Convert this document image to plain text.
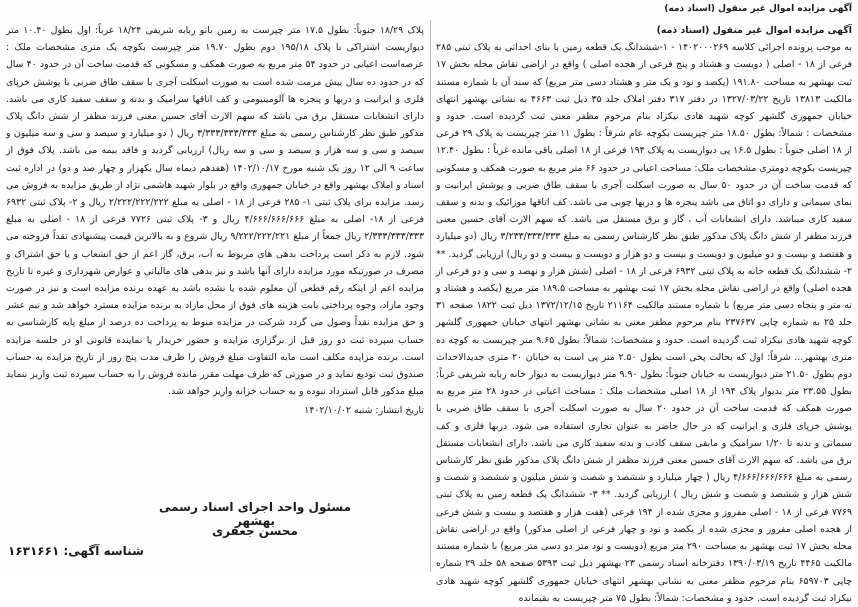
آگهی مزایده اموال غیر منقول (اسناد ذمه)
آگهی مزایده اموال غیر منقول (اسناد ذمه)
به موجب پرونده اجرائی کلاسه ۱۴۰۲۰۰۰۲۶۹ - ۱-ششدانگ یک قطعه زمین با بنای احداثی به پلاک ثبتی ۲۸۵ فرعی از ۱۸ - اصلی ( دویست و هشتاد و پنج فرعی از هجده اصلی ) واقع در اراضی نقاش محله بخش ۱۷ ثبت بهشهر به مساحت ۱۹۱.۸۰ (یکصد و نود و یک متر و هشتاد دسی متر مربع) که سند آن با شماره مستند مالکیت ۱۳۸۱۳ تاریخ ۱۳۲۷/۰۳/۲۲ در دفتر ۳۱۷ دفتر املاک جلد ۳۵ ذیل ثبت ۴۶۶۳ به نشانی بهشهر انتهای خیابان جمهوری گلشهر کوچه شهید هادی نیکزاد بنام مرحوم مظفر معنی ثبت گردیده است. حدود و مشخصات : شمالاً: بطول ۱۸.۵۰ متر چپریست بکوچه عام شرقاً : بطول ۱۱ متر چپریست به پلاک ۲۹ فرعی از ۱۸ اصلی جنوباً : بطول ۱۶.۵ پی دیواریست به پلاک ۱۹۴ فرعی از ۱۸ اصلی باقی مانده غرباً : بطول ۱۲.۴۰ چپریست بکوچه دومتری مشخصات ملک: مساحت اعیانی در حدود ۶۶ متر مربع به صورت همکف و مسکونی که قدمت ساخت آن در حدود ۵۰ سال به صورت اسکلت آجری با سقف طاق ضربی و پوشش ایرانیت و نمای سیمانی و دارای دو اتاق می باشد پنجره ها و دربها چوبی می باشد. کف اتاقها موزائیک و بدنه و سقف سفید کاری میباشد. دارای انشعابات آب ، گاز و برق مستقل می باشد. که سهم الارث آقای حسین معنی فرزند مظفر از شش دانگ پلاک مذکور طبق نظر کارشناس رسمی به مبلغ ۳/۲۳۳/۳۳۳/۳۳۳ ریال (دو میلیارد و هفتصد و بیست و دو میلیون و دویست و بیست و دو هزار و دویست و بیست و دو ریال) ارزیابی گردید. ** ۲- ششدانگ یک قطعه خانه به پلاک ثبتی ۶۹۳۲ فرعی از ۱۸ - اصلی (شش هزار و نهصد و سی و دو فرعی از هجده اصلی) واقع در اراضی نقاش محله بخش ۱۷ ثبت بهشهر به مساحت ۱۸۹.۵ متر مربع (یکصد و هشتاد و نه متر و پنجاه دسی متر مربع) با شماره مستند مالکیت ۲۱۱۶۴ تاریخ ۱۳۷۲/۱۲/۱۵ ذیل ثبت ۱۸۲۲ صفحه ۳۱ جلد ۲۵ به شماره چاپی ۲۳۷۶۳۷ بنام مرحوم مظفر معنی به نشانی بهشهر انتهای خیابان جمهوری گلشهر کوچه شهید هادی نیکزاد ثبت گردیده است. حدود و مشخصات: شمالاً: بطول ۹.۶۵ متر چپریست به کوچه ده متری بهشهر... شرقاً: اول که بحالت پخی است بطول ۲.۵۰ متر پی است به خیابان ۲۰ متری جدیدالاحداث دوم بطول ۲۱.۵۰ متر دیواریست به خیابان جنوباً: بطول ۹.۹۰ متر دیواریست به دیوار خانه ربابه شریفی غرباً: بطول ۲۳.۵۵ متر بدیوار پلاک ۱۹۴ از ۱۸ اصلی مشخصات ملک : مساحت اعیانی در حدود ۲۸ متر مربع به صورت همکف که قدمت ساخت آن در حدود ۲۰ سال به صورت اسکلت آجری با سقف طاق ضربی با پوشش خرپای فلزی و ایرانیت که در حال حاضر به عنوان تجاری استفاده می شود. دربها فلزی و کف سیمانی و بدنه تا ۱/۲۰ سرامیک و مابقی سقف کاذب و بدنه سفید کاری می باشد. دارای انشعابات مستقل برق می باشد. که سهم الارث آقای حسین معنی فرزند مظفر از شش دانگ پلاک مذکور طبق نظر کارشناس رسمی به مبلغ ۴/۶۶۶/۶۶۶/۶۶۶ ریال ( چهار میلیارد و ششصد و شصت و شش میلیون و ششصد و شصت و شش هزار و ششصد و شصت و شش ریال ) ارزیابی گردید. ** ۳- ششدانگ یک قطعه زمین به پلاک ثبتی ۷۷۶۹ فرعی از ۱۸ - اصلی مفروز و مجزی شده از ۱۹۴ فرعی (هفت هزار و هفتصد و بیست و شش فرعی از هجده اصلی مفروز و مجزی شده از یکصد و نود و چهار فرعی از اصلی مذکور) واقع در اراضی نقاش محله بخش ۱۷ ثبت بهشهر به مساحت ۲۹۰ متر مربع (دویست و نود متر دو دسی متر مربع) با شماره مستند مالکیت ۴۴۶۵ تاریخ ۱۳۹۰/۰۳/۱۹ دفترخانه اسناد رسمی ۲۳ بهشهر ذیل ثبت ۵۳۹۳ صفحه ۵۸ جلد ۲۹ شماره چاپی ۶۵۹۷۰۳ بنام مرحوم مظفر معنی به نشانی بهشهر انتهای خیابان جمهوری گلشهر کوچه شهید هادی نیکزاد ثبت گردیده است. حدود و مشخصات: شمالاً: بطول ۷۵ متر چپریست به بقیمانده
پلاک ۱۸/۲۹ جنوباً: بطول ۱۷.۵ متر چپرست به زمین بانو ربابه شریفی ۱۸/۲۴ غرباً: اول بطول ۱۰.۴۰ متر دیواریست اشتراکی با پلاک ۱۹۵/۱۸ دوم بطول ۱۹.۷۰ متر چپرست بکوچه یک متری مشخصات ملک : عرصه‌است اعیانی در حدود ۵۴ متر مربع به صورت همکف و مسکونی که قدمت ساخت آن در حدود ۴۰ سال که در حدود ده سال پیش مرمت شده است به صورت اسکلت آجری با سقف طاق ضربی با پوشش خرپای فلزی و ایرانیت و دربها و پنجره ها آلومینیومی و کف اتاقها سرامیک و بدنه و سقف سفید کاری می باشد. دارای انشعابات مستقل برق می باشد که سهم الارث آقای حسین معنی فرزند مظفر از شش دانگ پلاک مذکور طبق نظر کارشناس رسمی به مبلغ ۳/۳۳۳/۳۳۳/۳۳۳ ریال ( دو میلیارد و سیصد و سی و سه میلیون و سیصد و سی و سه هزار و سیصد و سی و سه ریال) ارزیابی گردید و فاقد بیمه می باشد. پلاک فوق از ساعت ۹ الی ۱۲ روز یک شنبه مورخ ۱۴۰۲/۱۰/۱۷ (هفدهم دیماه سال یکهزار و چهار صد و دو) در اداره ثبت اسناد و املاک بهشهر واقع در خیابان جمهوری واقع در بلوار شهید هاشمی نژاد از طریق مزایده به فروش می رسد. مزایده برای پلاک ثبتی ۱- ۲۸۵ فرعی از ۱۸ - اصلی به مبلغ ۲/۲۲۲/۲۲۲/۲۲۲ ریال و ۲- پلاک ثبتی ۶۹۳۲ فرعی از ۱۸- اصلی به مبلغ ۴/۶۶۶/۶۶۶/۶۶۶ ریال و ۳- پلاک ثبتی ۷۷۲۶ فرعی از ۱۸ - اصلی به مبلغ ۲/۳۳۳/۳۳۳/۳۳۳ ریال جمعاً از مبلغ ۹/۲۲۲/۲۲۲/۲۲۱ ریال شروع و به بالاترین قیمت پیشنهادی نقداً فروخته می شود. لازم به ذکر است پرداخت بدهی های مربوط به آب، برق، گاز اعم از حق انشعاب و یا حق اشتراک و مصرف در صورتیکه مورد مزایده دارای آنها باشد و نیز بدهی های مالیاتی و عوارض شهرداری و غیره تا تاریخ مزایده اعم از اینکه رقم قطعی آن معلوم شده یا نشده باشد به عهده برنده مزایده است و نیز در صورت وجود مازاد، وجوه پرداختی بابت هزینه های فوق از محل مازاد به برنده مزایده مسترد خواهد شد و نیم عشر و حق مزایده نقداً وصول می گردد شرکت در مزایده منوط به پرداخت ده درصد از مبلغ پایه کارشناسی به حساب سپرده ثبت دو روز قبل از برگزاری مزایده و حضور خریدار یا نماینده قانونی او در جلسه مزایده است. برنده مزایده مکلف است مابه التفاوت مبلغ فروش را ظرف مدت پنج روز از تاریخ مزایده به حساب صندوق ثبت تودیع نماید و در صورتی که ظرف مهلت مقرر مانده فروش را به حساب سپرده ثبت واریز ننماید مبلغ مذکور قابل استرداد نبوده و به حساب خزانه واریز خواهد شد.
تاریخ انتشار: شنبه ۱۴۰۲/۱۰/۰۲
مسئول واحد اجرای اسناد رسمی بهشهر
محسن جعفری
شناسه آگهی: ۱۶۳۱۶۶۱
